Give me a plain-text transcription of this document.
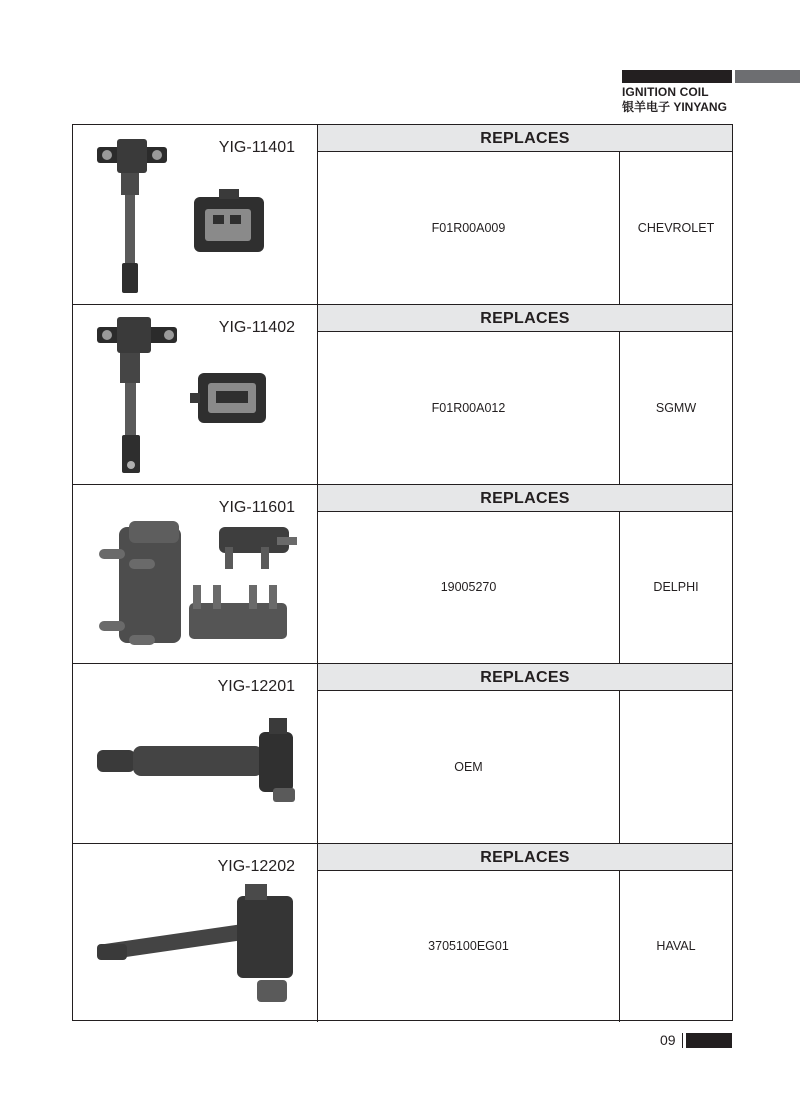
IGNITION COIL
银羊电子 YINYANG
YIG-11401
REPLACES
F01R00A009	CHEVROLET
YIG-11402
REPLACES
F01R00A012	SGMW
YIG-11601
REPLACES
19005270	DELPHI
YIG-12201
REPLACES
OEM
YIG-12202
REPLACES
3705100EG01	HAVAL
09
